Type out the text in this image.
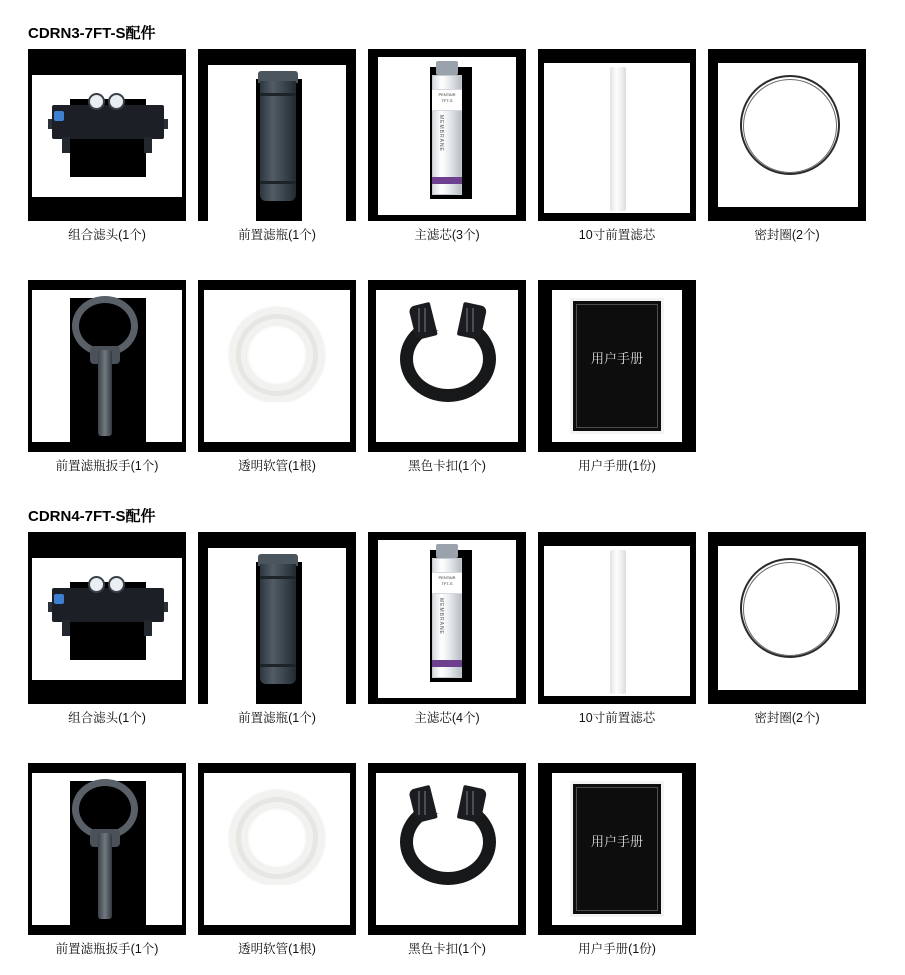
CDRN3-7FT-S配件
组合滤头(1个)	前置滤瓶(1个)
PENTAIR
TFT-S
MEMBRANE
主滤芯(3个)	10寸前置滤芯	密封圈(2个)
前置滤瓶扳手(1个)	透明软管(1根)	黑色卡扣(1个)
用户手册
用户手册(1份)
CDRN4-7FT-S配件
组合滤头(1个)	前置滤瓶(1个)
PENTAIR
TFT-S
MEMBRANE
主滤芯(4个)	10寸前置滤芯	密封圈(2个)
前置滤瓶扳手(1个)	透明软管(1根)	黑色卡扣(1个)
用户手册
用户手册(1份)
